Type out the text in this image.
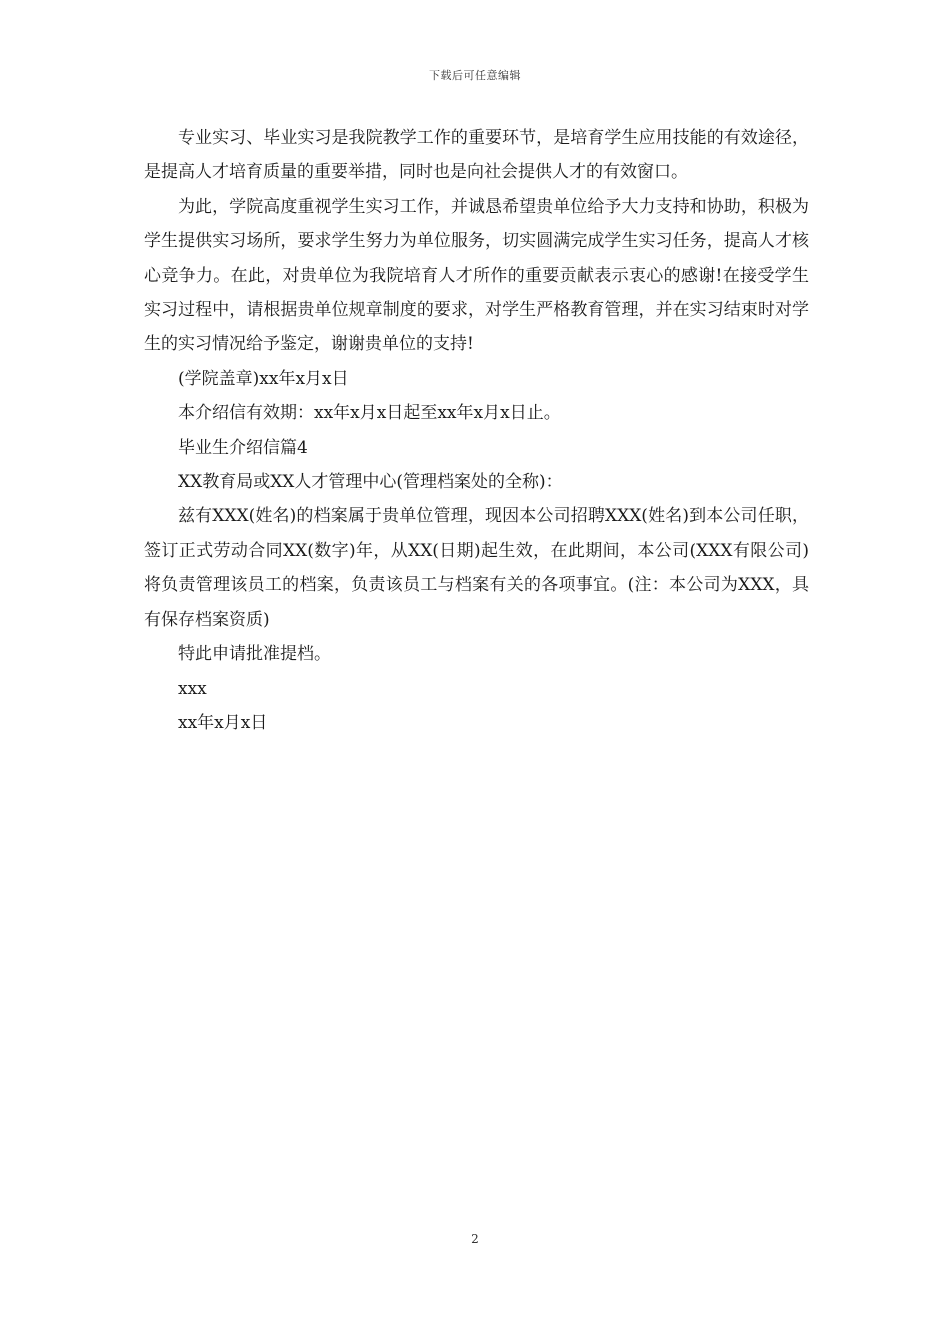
下载后可任意编辑

专业实习、毕业实习是我院教学工作的重要环节，是培育学生应用技能的有效途径，是提高人才培育质量的重要举措，同时也是向社会提供人才的有效窗口。

为此，学院高度重视学生实习工作，并诚恳希望贵单位给予大力支持和协助，积极为学生提供实习场所，要求学生努力为单位服务，切实圆满完成学生实习任务，提高人才核心竞争力。在此，对贵单位为我院培育人才所作的重要贡献表示衷心的感谢!在接受学生实习过程中，请根据贵单位规章制度的要求，对学生严格教育管理，并在实习结束时对学生的实习情况给予鉴定，谢谢贵单位的支持!

(学院盖章)xx年x月x日

本介绍信有效期：xx年x月x日起至xx年x月x日止。

毕业生介绍信篇4

XX教育局或XX人才管理中心(管理档案处的全称)：

兹有XXX(姓名)的档案属于贵单位管理，现因本公司招聘XXX(姓名)到本公司任职，签订正式劳动合同XX(数字)年，从XX(日期)起生效，在此期间，本公司(XXX有限公司)将负责管理该员工的档案，负责该员工与档案有关的各项事宜。(注：本公司为XXX，具有保存档案资质)

特此申请批准提档。

xxx

xx年x月x日

2
